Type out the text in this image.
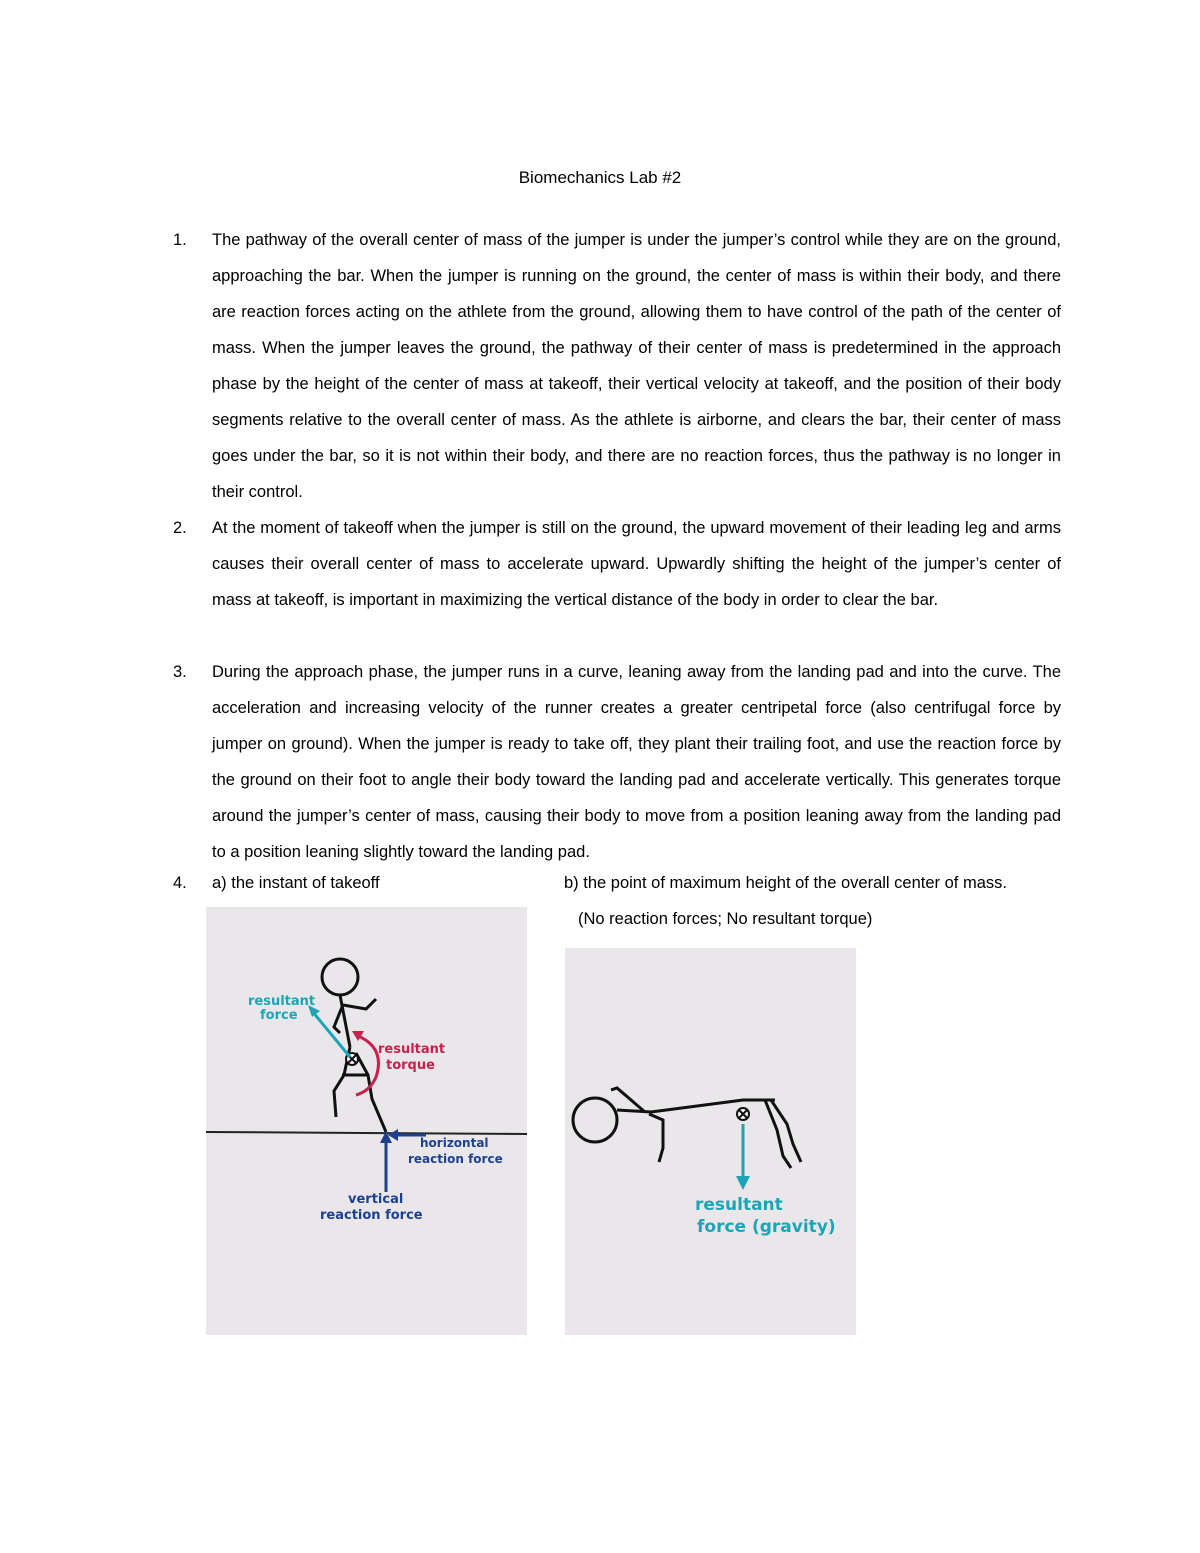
Biomechanics Lab #2
1.	The pathway of the overall center of mass of the jumper is under the jumper’s control while they are on the ground, approaching the bar. When the jumper is running on the ground, the center of mass is within their body, and there are reaction forces acting on the athlete from the ground, allowing them to have control of the path of the center of mass. When the jumper leaves the ground, the pathway of their center of mass is predetermined in the approach phase by the height of the center of mass at takeoff, their vertical velocity at takeoff, and the position of their body segments relative to the overall center of mass. As the athlete is airborne, and clears the bar, their center of mass goes under the bar, so it is not within their body, and there are no reaction forces, thus the pathway is no longer in their control.
2.	At the moment of takeoff when the jumper is still on the ground, the upward movement of their leading leg and arms causes their overall center of mass to accelerate upward. Upwardly shifting the height of the jumper’s center of mass at takeoff, is important in maximizing the vertical distance of the body in order to clear the bar.
3.	During the approach phase, the jumper runs in a curve, leaning away from the landing pad and into the curve. The acceleration and increasing velocity of the runner creates a greater centripetal force (also centrifugal force by jumper on ground). When the jumper is ready to take off, they plant their trailing foot, and use the reaction force by the ground on their foot to angle their body toward the landing pad and accelerate vertically. This generates torque around the jumper’s center of mass, causing their body to move from a position leaning away from the landing pad to a position leaning slightly toward the landing pad.
4.	a) the instant of takeoff	b) the point of maximum height of the overall center of mass.
(No reaction forces; No resultant torque)
resultant
force
resultant
torque
horizontal
reaction force
vertical
reaction force
resultant
force (gravity)
